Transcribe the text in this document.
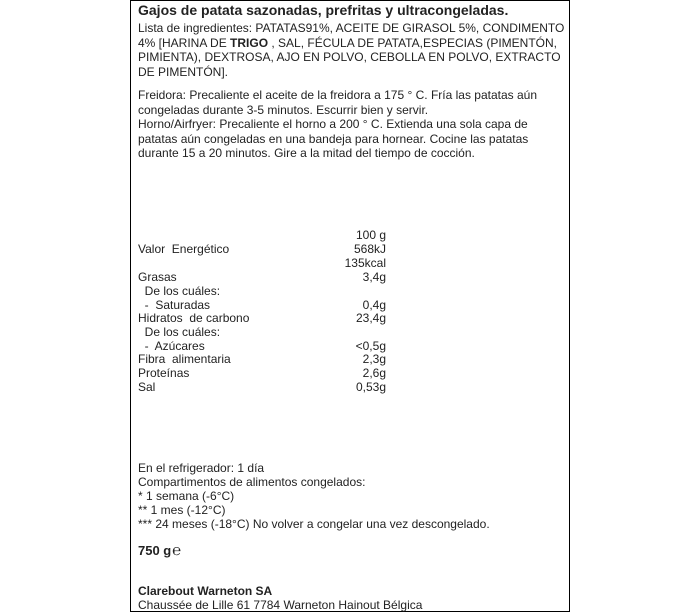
Gajos de patata sazonadas, prefritas y ultracongeladas.
Lista de ingredientes: PATATAS91%, ACEITE DE GIRASOL 5%, CONDIMENTO 4% [HARINA DE TRIGO , SAL, FÉCULA DE PATATA,ESPECIAS (PIMENTÓN, PIMIENTA), DEXTROSA, AJO EN POLVO, CEBOLLA EN POLVO, EXTRACTO DE PIMENTÓN].
Freidora: Precaliente el aceite de la freidora a 175 ° C. Fría las patatas aún congeladas durante 3-5 minutos. Escurrir bien y servir.
Horno/Airfryer: Precaliente el horno a 200 ° C. Extienda una sola capa de patatas aún congeladas en una bandeja para hornear. Cocine las patatas durante 15 a 20 minutos. Gire a la mitad del tiempo de cocción.
100 g
Valor  Energético	568kJ
135kcal
Grasas	3,4g
De los cuáles:
-  Saturadas	0,4g
Hidratos  de carbono	23,4g
De los cuáles:
-  Azúcares	<0,5g
Fibra  alimentaria	2,3g
Proteínas	2,6g
Sal	0,53g
En el refrigerador: 1 día
Compartimentos de alimentos congelados:
* 1 semana (-6°C)
** 1 mes (-12°C)
*** 24 meses (-18°C) No volver a congelar una vez descongelado.
750 g℮
Clarebout Warneton SA
Chaussée de Lille 61 7784 Warneton Hainout Bélgica
